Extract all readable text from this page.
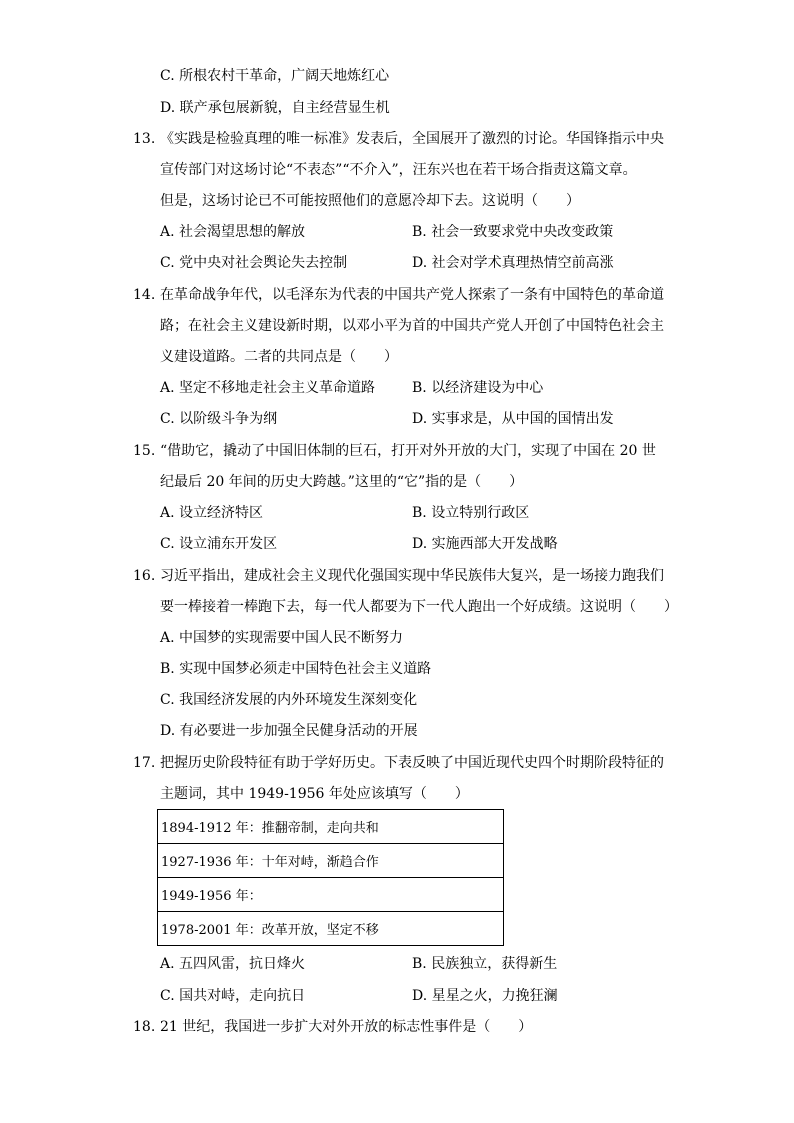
C. 所根农村干革命，广阔天地炼红心
D. 联产承包展新貌，自主经营显生机
13. 《实践是检验真理的唯一标准》发表后，全国展开了激烈的讨论。华国锋指示中央
宣传部门对这场讨论“不表态”“不介入”，汪东兴也在若干场合指责这篇文章。
但是，这场讨论已不可能按照他们的意愿冷却下去。这说明（　　）
A. 社会渴望思想的解放	B. 社会一致要求党中央改变政策
C. 党中央对社会舆论失去控制	D. 社会对学术真理热情空前高涨
14. 在革命战争年代，以毛泽东为代表的中国共产党人探索了一条有中国特色的革命道
路；在社会主义建设新时期，以邓小平为首的中国共产党人开创了中国特色社会主
义建设道路。二者的共同点是（　　）
A. 坚定不移地走社会主义革命道路	B. 以经济建设为中心
C. 以阶级斗争为纲	D. 实事求是，从中国的国情出发
15. “借助它，撬动了中国旧体制的巨石，打开对外开放的大门，实现了中国在 20 世
纪最后 20 年间的历史大跨越。”这里的“它”指的是（　　）
A. 设立经济特区	B. 设立特别行政区
C. 设立浦东开发区	D. 实施西部大开发战略
16. 习近平指出，建成社会主义现代化强国实现中华民族伟大复兴，是一场接力跑我们
要一棒接着一棒跑下去，每一代人都要为下一代人跑出一个好成绩。这说明（　　）
A. 中国梦的实现需要中国人民不断努力
B. 实现中国梦必须走中国特色社会主义道路
C. 我国经济发展的内外环境发生深刻变化
D. 有必要进一步加强全民健身活动的开展
17. 把握历史阶段特征有助于学好历史。下表反映了中国近现代史四个时期阶段特征的
主题词，其中 1949-1956 年处应该填写（　　）
1894-1912 年：推翻帝制，走向共和
1927-1936 年：十年对峙，渐趋合作
1949-1956 年：
1978-2001 年：改革开放，坚定不移
A. 五四风雷，抗日烽火	B. 民族独立，获得新生
C. 国共对峙，走向抗日	D. 星星之火，力挽狂澜
18. 21 世纪，我国进一步扩大对外开放的标志性事件是（　　）
